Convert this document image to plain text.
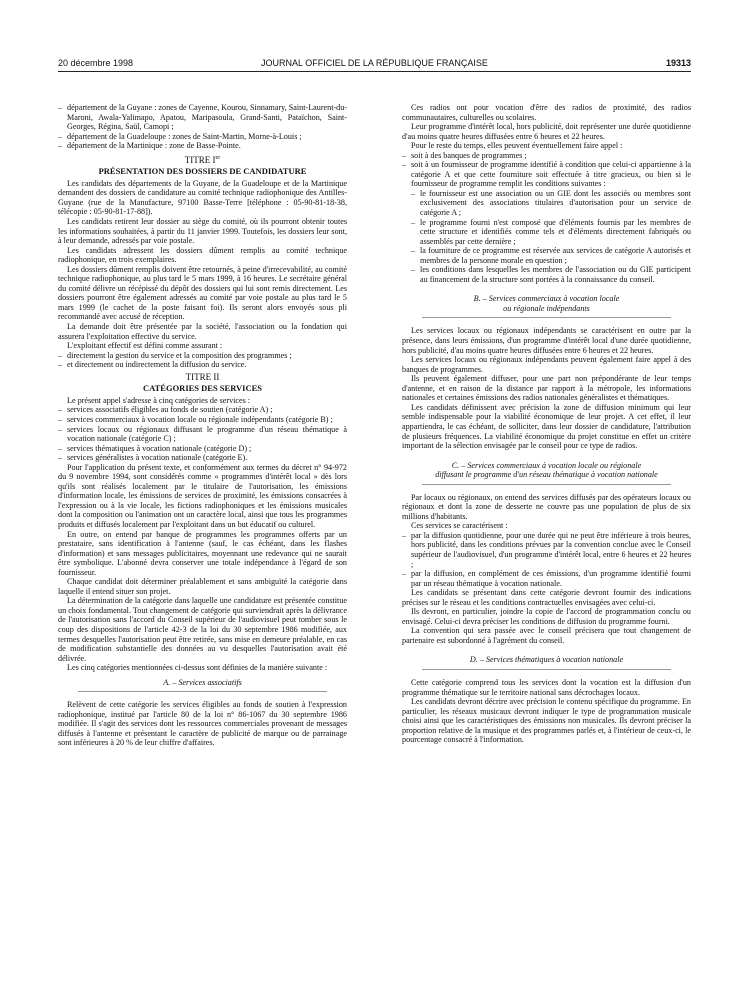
20 décembre 1998	JOURNAL OFFICIEL DE LA RÉPUBLIQUE FRANÇAISE	19313
– département de la Guyane : zones de Cayenne, Kourou, Sinnamary, Saint-Laurent-du-Maroni, Awala-Yalimapo, Apatou, Maripasoula, Grand-Santi, Pataïchon, Saint-Georges, Régina, Saül, Camopi ;
– département de la Guadeloupe : zones de Saint-Martin, Morne-à-Louis ;
– département de la Martinique : zone de Basse-Pointe.
TITRE Ier
PRÉSENTATION DES DOSSIERS DE CANDIDATURE

Les candidats des départements de la Guyane, de la Guadeloupe et de la Martinique demandent des dossiers de candidature au comité technique radiophonique des Antilles-Guyane (rue de la Manufacture, 97100 Basse-Terre [téléphone : 05-90-81-18-38, télécopie : 05-90-81-17-88]).

Les candidats retirent leur dossier au siège du comité, où ils pourront obtenir toutes les informations souhaitées, à partir du 11 janvier 1999. Toutefois, les dossiers leur sont, à leur demande, adressés par voie postale.

Les candidats adressent les dossiers dûment remplis au comité technique radiophonique, en trois exemplaires.

Les dossiers dûment remplis doivent être retournés, à peine d'irrecevabilité, au comité technique radiophonique, au plus tard le 5 mars 1999, à 16 heures. Le secrétaire général du comité délivre un récépissé du dépôt des dossiers qui lui sont remis directement. Les dossiers pourront être également adressés au comité par voie postale au plus tard le 5 mars 1999 (le cachet de la poste faisant foi). Ils seront alors envoyés sous pli recommandé avec accusé de réception.

La demande doit être présentée par la société, l'association ou la fondation qui assurera l'exploitation effective du service.

L'exploitant effectif est défini comme assurant :

– directement la gestion du service et la composition des programmes ;
– et directement ou indirectement la diffusion du service.
TITRE II
CATÉGORIES DES SERVICES

Le présent appel s'adresse à cinq catégories de services :

– services associatifs éligibles au fonds de soutien (catégorie A) ;
– services commerciaux à vocation locale ou régionale indépendants (catégorie B) ;
– services locaux ou régionaux diffusant le programme d'un réseau thématique à vocation nationale (catégorie C) ;
– services thématiques à vocation nationale (catégorie D) ;
– services généralistes à vocation nationale (catégorie E).

Pour l'application du présent texte, et conformément aux termes du décret n° 94-972 du 9 novembre 1994, sont considérés comme « programmes d'intérêt local » dès lors qu'ils sont réalisés localement par le titulaire de l'autorisation, les émissions d'information locale, les émissions de services de proximité, les émissions consacrées à l'expression ou à la vie locale, les fictions radiophoniques et les émissions musicales dont la composition ou l'animation ont un caractère local, ainsi que tous les programmes produits et diffusés localement par l'exploitant dans un but éducatif ou culturel.

En outre, on entend par banque de programmes les programmes offerts par un prestataire, sans identification à l'antenne (sauf, le cas échéant, dans les flashes d'information) et sans messages publicitaires, moyennant une redevance qui ne saurait être symbolique. L'abonné devra conserver une totale indépendance à l'égard de son fournisseur.

Chaque candidat doit déterminer préalablement et sans ambiguïté la catégorie dans laquelle il entend situer son projet.

La détermination de la catégorie dans laquelle une candidature est présentée constitue un choix fondamental. Tout changement de catégorie qui surviendrait après la délivrance de l'autorisation sans l'accord du Conseil supérieur de l'audiovisuel peut tomber sous le coup des dispositions de l'article 42-3 de la loi du 30 septembre 1986 modifiée, aux termes desquelles l'autorisation peut être retirée, sans mise en demeure préalable, en cas de modification substantielle des données au vu desquelles l'autorisation avait été délivrée.

Les cinq catégories mentionnées ci-dessus sont définies de la manière suivante :

A. – Services associatifs

Relèvent de cette catégorie les services éligibles au fonds de soutien à l'expression radiophonique, institué par l'article 80 de la loi n° 86-1067 du 30 septembre 1986 modifiée. Il s'agit des services dont les ressources commerciales provenant de messages diffusés à l'antenne et présentant le caractère de publicité de marque ou de parrainage sont inférieures à 20 % de leur chiffre d'affaires.

Ces radios ont pour vocation d'être des radios de proximité, des radios communautaires, culturelles ou scolaires.

Leur programme d'intérêt local, hors publicité, doit représenter une durée quotidienne d'au moins quatre heures diffusées entre 6 heures et 22 heures.

Pour le reste du temps, elles peuvent éventuellement faire appel :

– soit à des banques de programmes ;
– soit à un fournisseur de programme identifié à condition que celui-ci appartienne à la catégorie A et que cette fourniture soit effectuée à titre gracieux, ou bien si le fournisseur de programme remplit les conditions suivantes :
– le fournisseur est une association ou un GIE dont les associés ou membres sont exclusivement des associations titulaires d'autorisation pour un service de catégorie A ;
– le programme fourni n'est composé que d'éléments fournis par les membres de cette structure et identifiés comme tels et d'éléments directement fabriqués ou assemblés par cette dernière ;
– la fourniture de ce programme est réservée aux services de catégorie A autorisés et membres de la personne morale en question ;
– les conditions dans lesquelles les membres de l'association ou du GIE participent au financement de la structure sont portées à la connaissance du conseil.
B. – Services commerciaux à vocation locale
ou régionale indépendants

Les services locaux ou régionaux indépendants se caractérisent en outre par la présence, dans leurs émissions, d'un programme d'intérêt local d'une durée quotidienne, hors publicité, d'au moins quatre heures diffusées entre 6 heures et 22 heures.

Les services locaux ou régionaux indépendants peuvent également faire appel à des banques de programmes.

Ils peuvent également diffuser, pour une part non prépondérante de leur temps d'antenne, et en raison de la distance par rapport à la métropole, les informations nationales et certaines émissions des radios nationales généralistes et thématiques.

Les candidats définissent avec précision la zone de diffusion minimum qui leur semble indispensable pour la viabilité économique de leur projet. A cet effet, il leur appartiendra, le cas échéant, de solliciter, dans leur dossier de candidature, l'attribution de plusieurs fréquences. La viabilité économique du projet constitue en effet un critère important de la sélection envisagée par le conseil pour ce type de radios.

C. – Services commerciaux à vocation locale ou régionale
diffusant le programme d'un réseau thématique à vocation nationale

Par locaux ou régionaux, on entend des services diffusés par des opérateurs locaux ou régionaux et dont la zone de desserte ne couvre pas une population de plus de six millions d'habitants.

Ces services se caractérisent :

– par la diffusion quotidienne, pour une durée qui ne peut être inférieure à trois heures, hors publicité, dans les conditions prévues par la convention conclue avec le Conseil supérieur de l'audiovisuel, d'un programme d'intérêt local, entre 6 heures et 22 heures ;
– par la diffusion, en complément de ces émissions, d'un programme identifié fourni par un réseau thématique à vocation nationale.

Les candidats se présentant dans cette catégorie devront fournir des indications précises sur le réseau et les conditions contractuelles envisagées avec celui-ci.

Ils devront, en particulier, joindre la copie de l'accord de programmation conclu ou envisagé. Celui-ci devra préciser les conditions de diffusion du programme fourni.

La convention qui sera passée avec le conseil précisera que tout changement de partenaire est subordonné à l'agrément du conseil.

D. – Services thématiques à vocation nationale

Cette catégorie comprend tous les services dont la vocation est la diffusion d'un programme thématique sur le territoire national sans décrochages locaux.

Les candidats devront décrire avec précision le contenu spécifique du programme. En particulier, les réseaux musicaux devront indiquer le type de programmation musicale choisi ainsi que les caractéristiques des émissions non musicales. Ils devront préciser la proportion relative de la musique et des programmes parlés et, à l'intérieur de ceux-ci, le pourcentage consacré à l'information.
